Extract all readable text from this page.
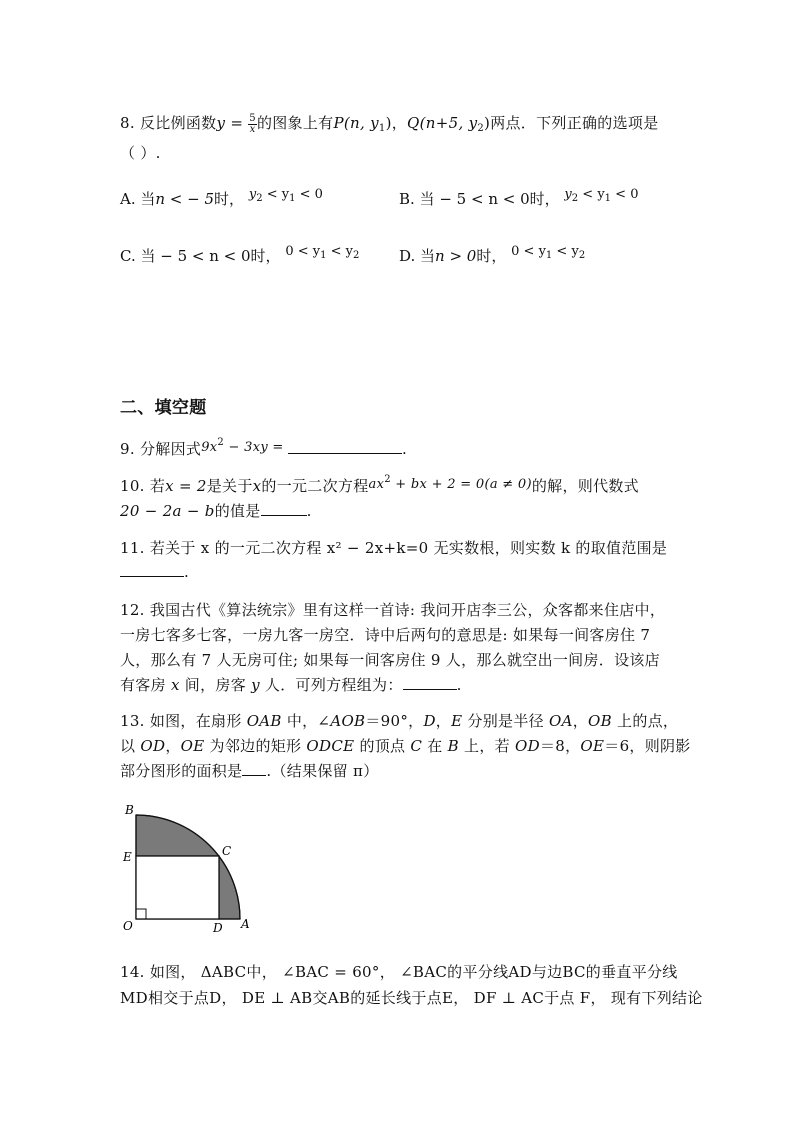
8. 反比例函数$y = \frac{5}{x}$ 的图象上有P(n, $y_1$)，Q(n+5, $y_2$)两点．下列正确的选项是
（ ）.
A. 当n < − 5时， $y_2 < y_1 < 0$	B. 当 − 5 < n < 0时， $y_2 < y_1 < 0$
C. 当 − 5 < n < 0时， $0 < y_1 < y_2$	D. 当n > 0时， $0 < y_1 < y_2$
二、填空题
9. 分解因式$9x^2 - 3xy$ =	.
10. 若x = 2是关于x的一元二次方程$ax^2$ + bx + 2 = 0(a ≠ 0)的解，则代数式
20 − 2a − b的值是	.
11. 若关于 x 的一元二次方程 x² − 2x+k=0 无实数根，则实数 k 的取值范围是
.
12. 我国古代《算法统宗》里有这样一首诗: 我问开店李三公，众客都来住店中，
一房七客多七客，一房九客一房空．诗中后两句的意思是: 如果每一间客房住 7
人，那么有 7 人无房可住; 如果每一间客房住 9 人，那么就空出一间房．设该店
有客房 x 间，房客 y 人．可列方程组为：	.
13. 如图，在扇形 OAB 中，∠AOB＝90°，D，E 分别是半径 OA，OB 上的点，
以 OD，OE 为邻边的矩形 ODCE 的顶点 C 在 B 上，若 OD＝8，OE＝6，则阴影
部分图形的面积是 .（结果保留 π）
B
E	C
O	D A
14. 如图， ΔABC中， ∠BAC = 60°， ∠BAC的平分线AD与边BC的垂直平分线
MD相交于点D， DE ⊥ AB交AB的延长线于点E， DF ⊥ AC于点 F， 现有下列结论
